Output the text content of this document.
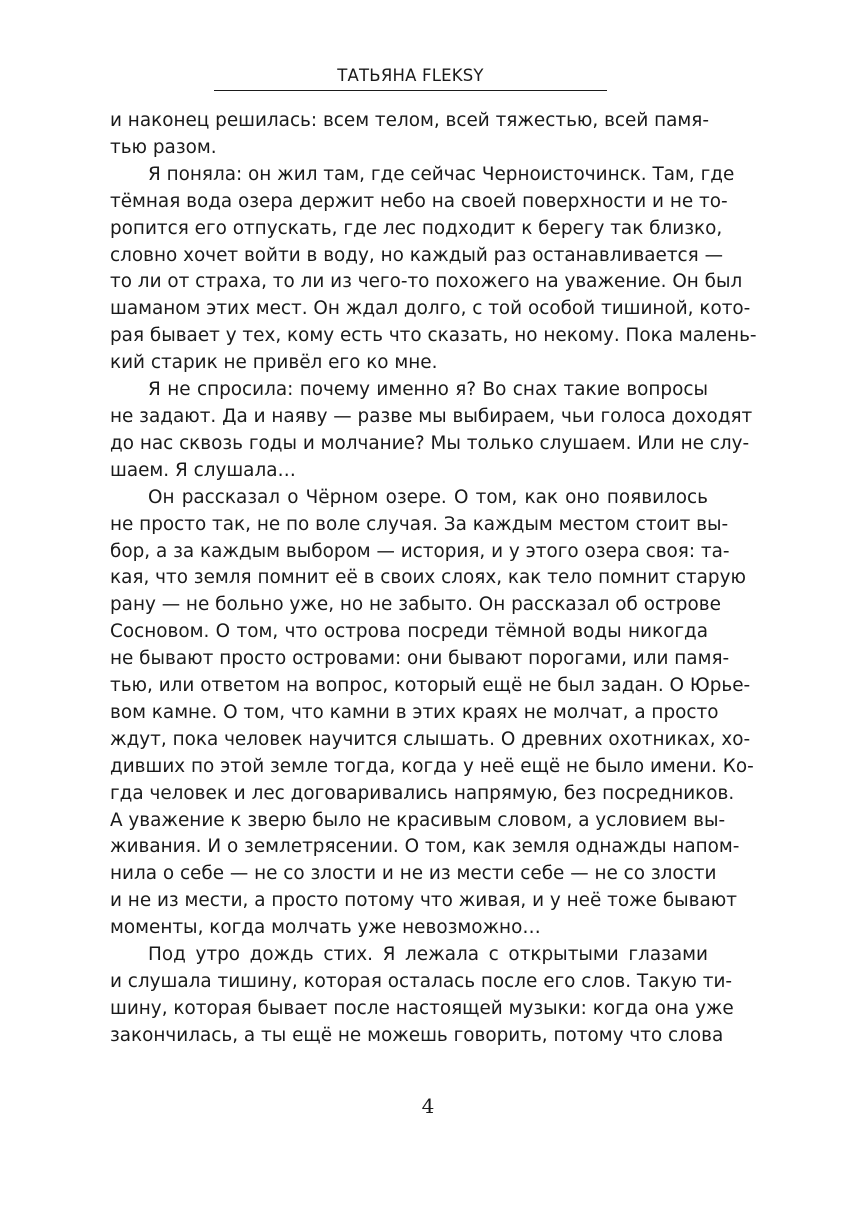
ТАТЬЯНА FLEKSY

и наконец решилась: всем телом, всей тяжестью, всей памя-
тью разом.

Я поняла: он жил там, где сейчас Черноисточинск. Там, где
тёмная вода озера держит небо на своей поверхности и не то-
ропится его отпускать, где лес подходит к берегу так близко,
словно хочет войти в воду, но каждый раз останавливается —
то ли от страха, то ли из чего-то похожего на уважение. Он был
шаманом этих мест. Он ждал долго, с той особой тишиной, кото-
рая бывает у тех, кому есть что сказать, но некому. Пока малень-
кий старик не привёл его ко мне.

Я не спросила: почему именно я? Во снах такие вопросы
не задают. Да и наяву — разве мы выбираем, чьи голоса доходят
до нас сквозь годы и молчание? Мы только слушаем. Или не слу-
шаем. Я слушала…

Он рассказал о Чёрном озере. О том, как оно появилось
не просто так, не по воле случая. За каждым местом стоит вы-
бор, а за каждым выбором — история, и у этого озера своя: та-
кая, что земля помнит её в своих слоях, как тело помнит старую
рану — не больно уже, но не забыто. Он рассказал об острове
Сосновом. О том, что острова посреди тёмной воды никогда
не бывают просто островами: они бывают порогами, или памя-
тью, или ответом на вопрос, который ещё не был задан. О Юрье-
вом камне. О том, что камни в этих краях не молчат, а просто
ждут, пока человек научится слышать. О древних охотниках, хо-
дивших по этой земле тогда, когда у неё ещё не было имени. Ко-
гда человек и лес договаривались напрямую, без посредников.
А уважение к зверю было не красивым словом, а условием вы-
живания. И о землетрясении. О том, как земля однажды напом-
нила о себе — не со злости и не из мести себе — не со злости
и не из мести, а просто потому что живая, и у неё тоже бывают
моменты, когда молчать уже невозможно…

Под утро дождь стих. Я лежала с открытыми глазами
и слушала тишину, которая осталась после его слов. Такую ти-
шину, которая бывает после настоящей музыки: когда она уже
закончилась, а ты ещё не можешь говорить, потому что слова

4
